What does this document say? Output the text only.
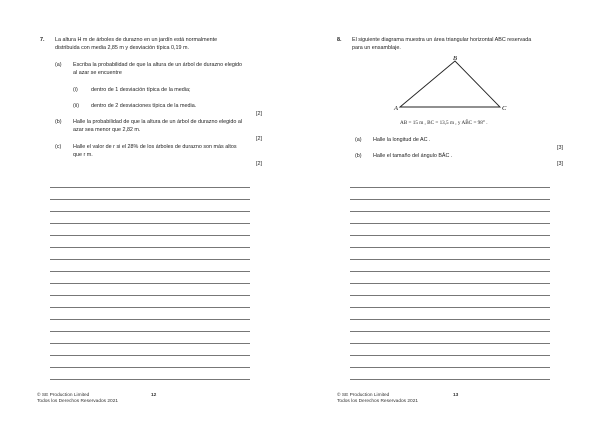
7. La altura H m de árboles de durazno en un jardín está normalmente
distribuida con media 2,85 m y desviación típica 0,19 m.
(a) Escriba la probabilidad de que la altura de un árbol de durazno elegido
al azar se encuentre
(i) dentro de 1 desviación típica de la media;
(ii) dentro de 2 desviaciones típica de la media.
[2]
(b) Halle la probabilidad de que la altura de un árbol de durazno elegido al
azar sea menor que 2,82 m.
[2]
(c) Halle el valor de r si el 28% de los árboles de durazno son más altos
que r m.
[2]
© SE Production Limited
Todos los Derechos Reservados 2021
12
8. El siguiente diagrama muestra un área triangular horizontal ABC reservada
para un ensamblaje.
A
B
C
AB = 15 m , BC = 13,5 m , y AB̂C = 98° .
(a) Halle la longitud de AC .
[3]
(b) Halle el tamaño del ángulo BÂC .
[3]
© SE Production Limited
Todos los Derechos Reservados 2021
13
